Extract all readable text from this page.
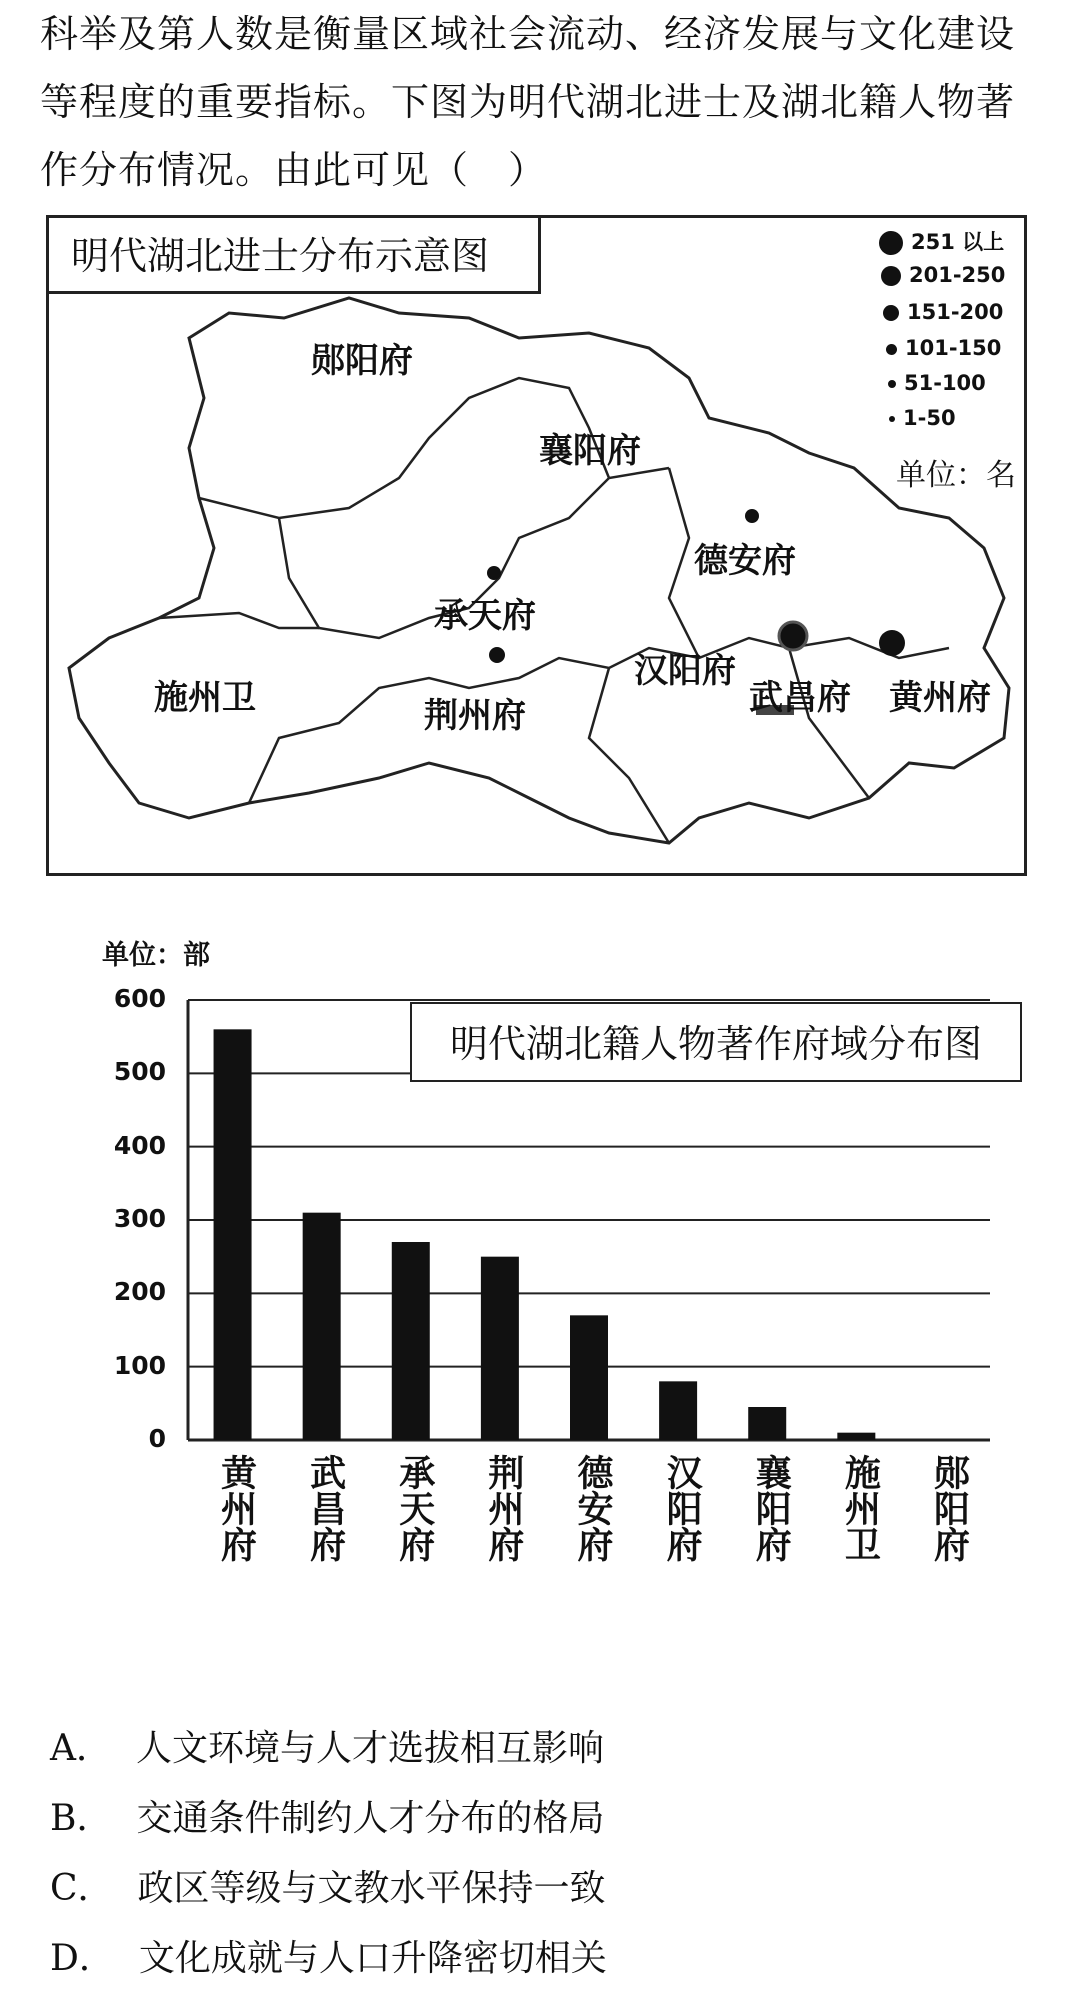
科举及第人数是衡量区域社会流动、经济发展与文化建设
等程度的重要指标。下图为明代湖北进士及湖北籍人物著
作分布情况。由此可见（　）
明代湖北进士分布示意图
郧阳府
襄阳府
德安府
承天府
汉阳府
武昌府 黄州府
施州卫	荆州府
251 以上
201-250
151-200
101-150
51-100
1-50
单位：名
单位：部
明代湖北籍人物著作府域分布图
600
500
400
300
200
100
0
黄州府 武昌府 承天府 荆州府 德安府 汉阳府 襄阳府 施州卫 郧阳府
A． 人文环境与人才选拔相互影响
B． 交通条件制约人才分布的格局
C． 政区等级与文教水平保持一致
D． 文化成就与人口升降密切相关
